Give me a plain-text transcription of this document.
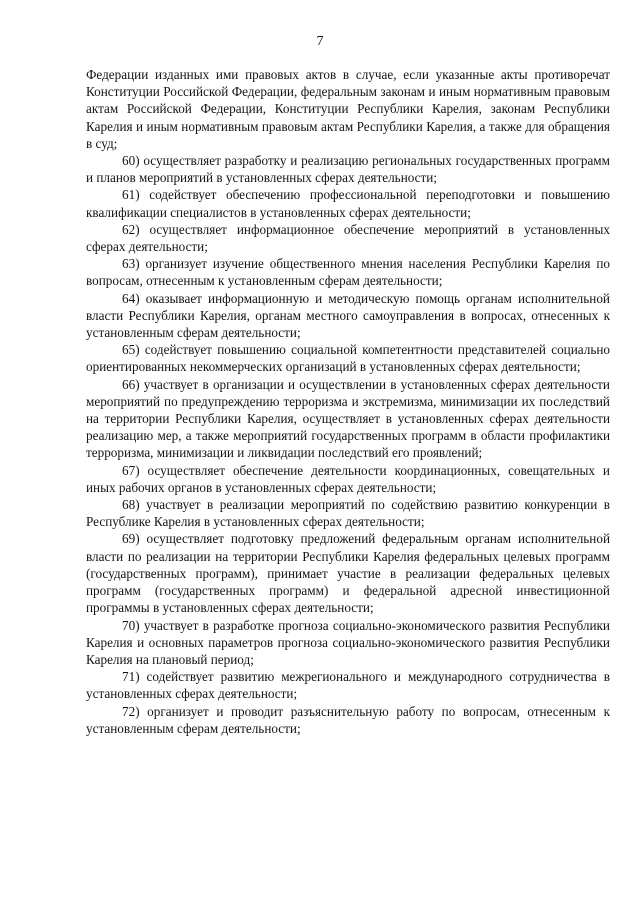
7

Федерации изданных ими правовых актов в случае, если указанные акты противоречат Конституции Российской Федерации, федеральным законам и иным нормативным правовым актам Российской Федерации, Конституции Республики Карелия, законам Республики Карелия и иным нормативным правовым актам Республики Карелия, а также для обращения в суд;

60) осуществляет разработку и реализацию региональных государственных программ и планов мероприятий в установленных сферах деятельности;

61) содействует обеспечению профессиональной переподготовки и повышению квалификации специалистов в установленных сферах деятельности;

62) осуществляет информационное обеспечение мероприятий в установленных сферах деятельности;

63) организует изучение общественного мнения населения Республики Карелия по вопросам, отнесенным к установленным сферам деятельности;

64) оказывает информационную и методическую помощь органам исполнительной власти Республики Карелия, органам местного самоуправления в вопросах, отнесенных к установленным сферам деятельности;

65) содействует повышению социальной компетентности представителей социально ориентированных некоммерческих организаций в установленных сферах деятельности;

66) участвует в организации и осуществлении в установленных сферах деятельности мероприятий по предупреждению терроризма и экстремизма, минимизации их последствий на территории Республики Карелия, осуществляет в установленных сферах деятельности реализацию мер, а также мероприятий государственных программ в области профилактики терроризма, минимизации и ликвидации последствий его проявлений;

67) осуществляет обеспечение деятельности координационных, совещательных и иных рабочих органов в установленных сферах деятельности;

68) участвует в реализации мероприятий по содействию развитию конкуренции в Республике Карелия в установленных сферах деятельности;

69) осуществляет подготовку предложений федеральным органам исполнительной власти по реализации на территории Республики Карелия федеральных целевых программ (государственных программ), принимает участие в реализации федеральных целевых программ (государственных программ) и федеральной адресной инвестиционной программы в установленных сферах деятельности;

70) участвует в разработке прогноза социально-экономического развития Республики Карелия и основных параметров прогноза социально-экономического развития Республики Карелия на плановый период;

71) содействует развитию межрегионального и международного сотрудничества в установленных сферах деятельности;

72) организует и проводит разъяснительную работу по вопросам, отнесенным к установленным сферам деятельности;
